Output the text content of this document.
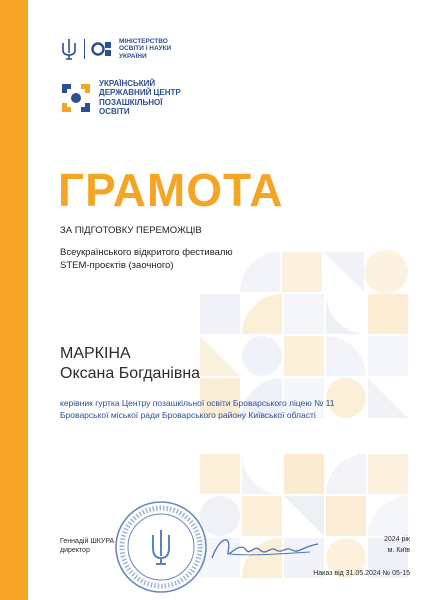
МІНІСТЕРСТВО
ОСВІТИ І НАУКИ
УКРАЇНИ
УКРАЇНСЬКИЙ
ДЕРЖАВНИЙ ЦЕНТР
ПОЗАШКІЛЬНОЇ
ОСВІТИ
ГРАМОТА
ЗА ПІДГОТОВКУ ПЕРЕМОЖЦІВ
Всеукраїнського відкритого фестивалю
STEM-проєктів (заочного)
МАРКІНА
Оксана Богданівна
керівник гуртка Центру позашкільної освіти Броварського ліцею № 11 Броварської міської ради Броварського району Київської області
Геннадій ШКУРА
директор
2024 рік
м. Київ
Наказ від 31.05.2024 № 05-15
